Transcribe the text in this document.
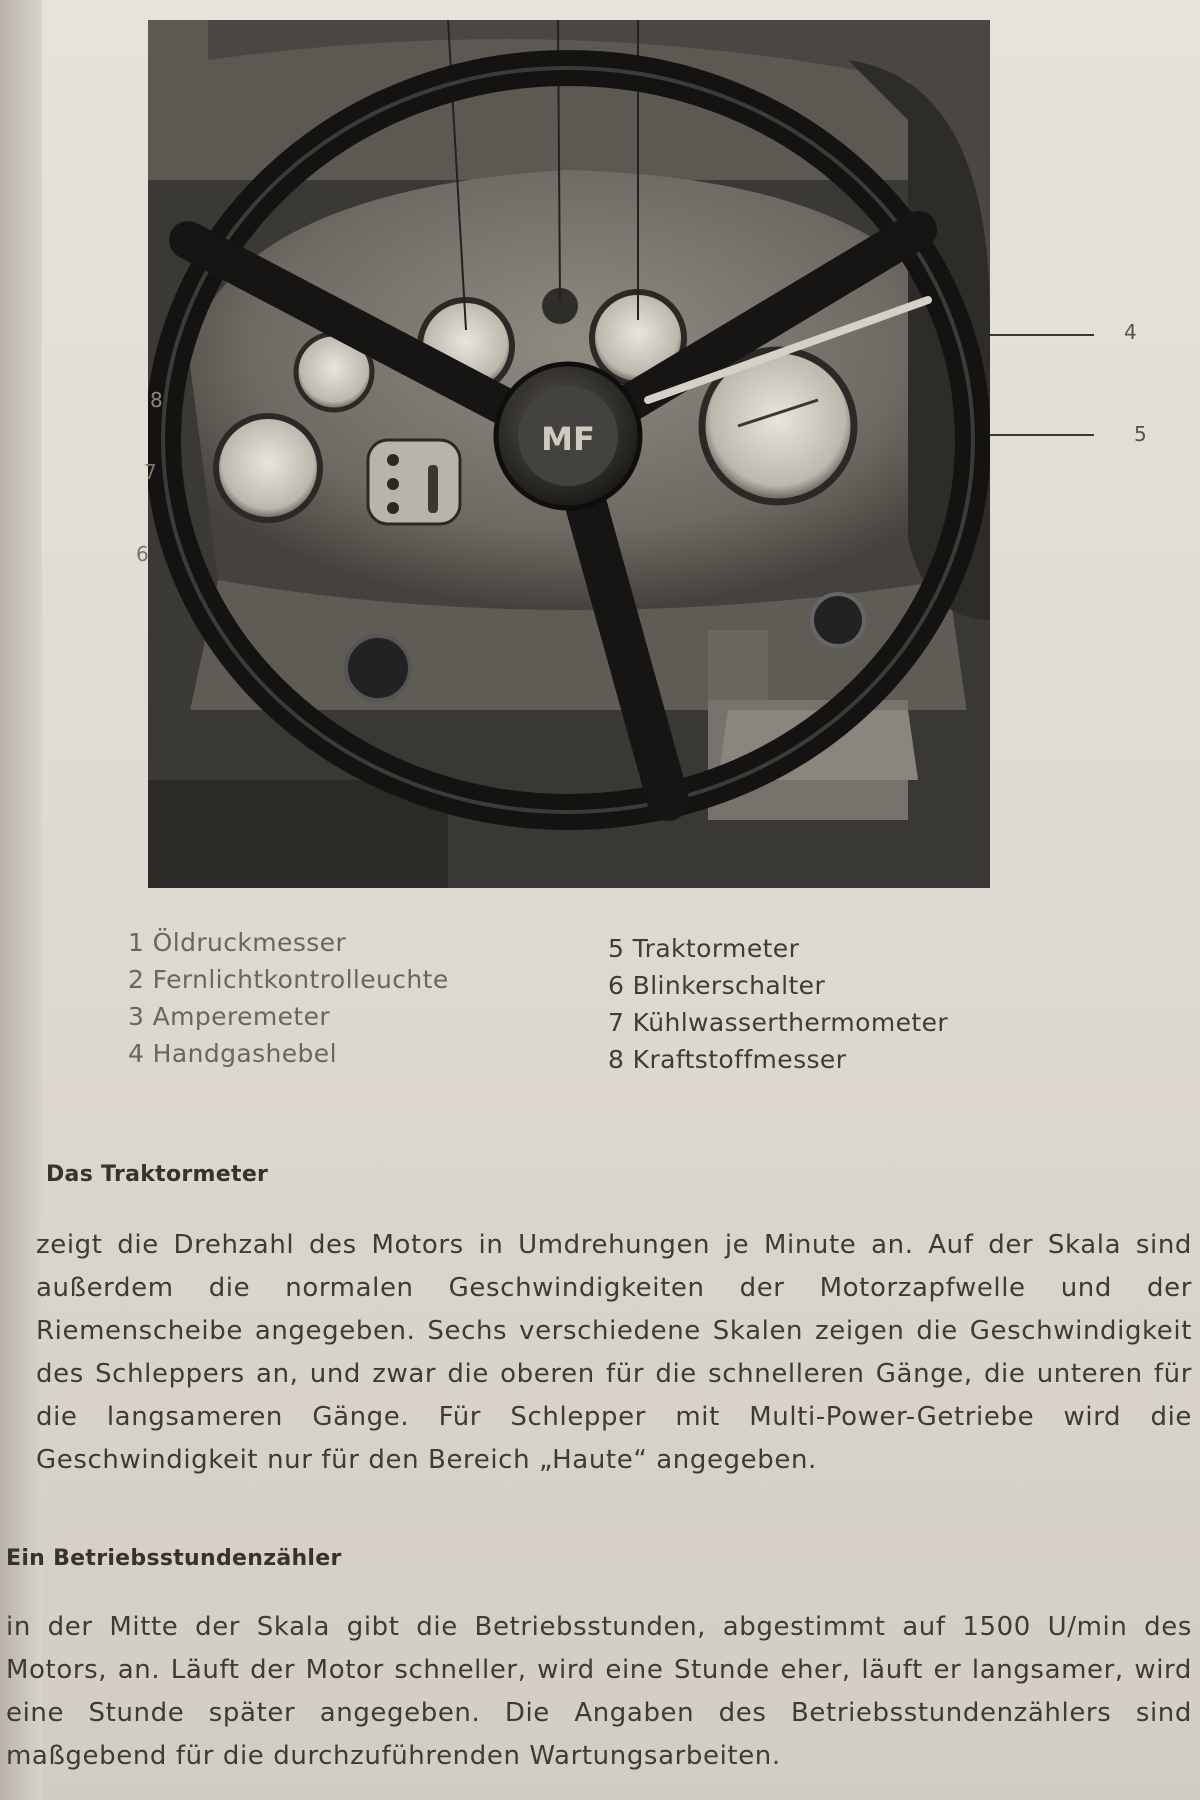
MF
4
5
8
7
6
1 Öldruckmesser
2 Fernlichtkontrolleuchte
3 Amperemeter
4 Handgashebel
5 Traktormeter
6 Blinkerschalter
7 Kühlwasserthermometer
8 Kraftstoffmesser
Das Traktormeter

zeigt die Drehzahl des Motors in Umdrehungen je Minute an. Auf der Skala sind außerdem die normalen Geschwindigkeiten der Motorzapfwelle und der Riemenscheibe angegeben. Sechs verschiedene Skalen zeigen die Geschwindigkeit des Schleppers an, und zwar die oberen für die schnelleren Gänge, die unteren für die langsameren Gänge. Für Schlepper mit Multi-Power-Getriebe wird die Geschwindigkeit nur für den Bereich „Haute“ angegeben.

Ein Betriebsstundenzähler

in der Mitte der Skala gibt die Betriebsstunden, abgestimmt auf 1500 U/min des Motors, an. Läuft der Motor schneller, wird eine Stunde eher, läuft er langsamer, wird eine Stunde später angegeben. Die Angaben des Betriebsstundenzählers sind maßgebend für die durchzuführenden Wartungsarbeiten.
